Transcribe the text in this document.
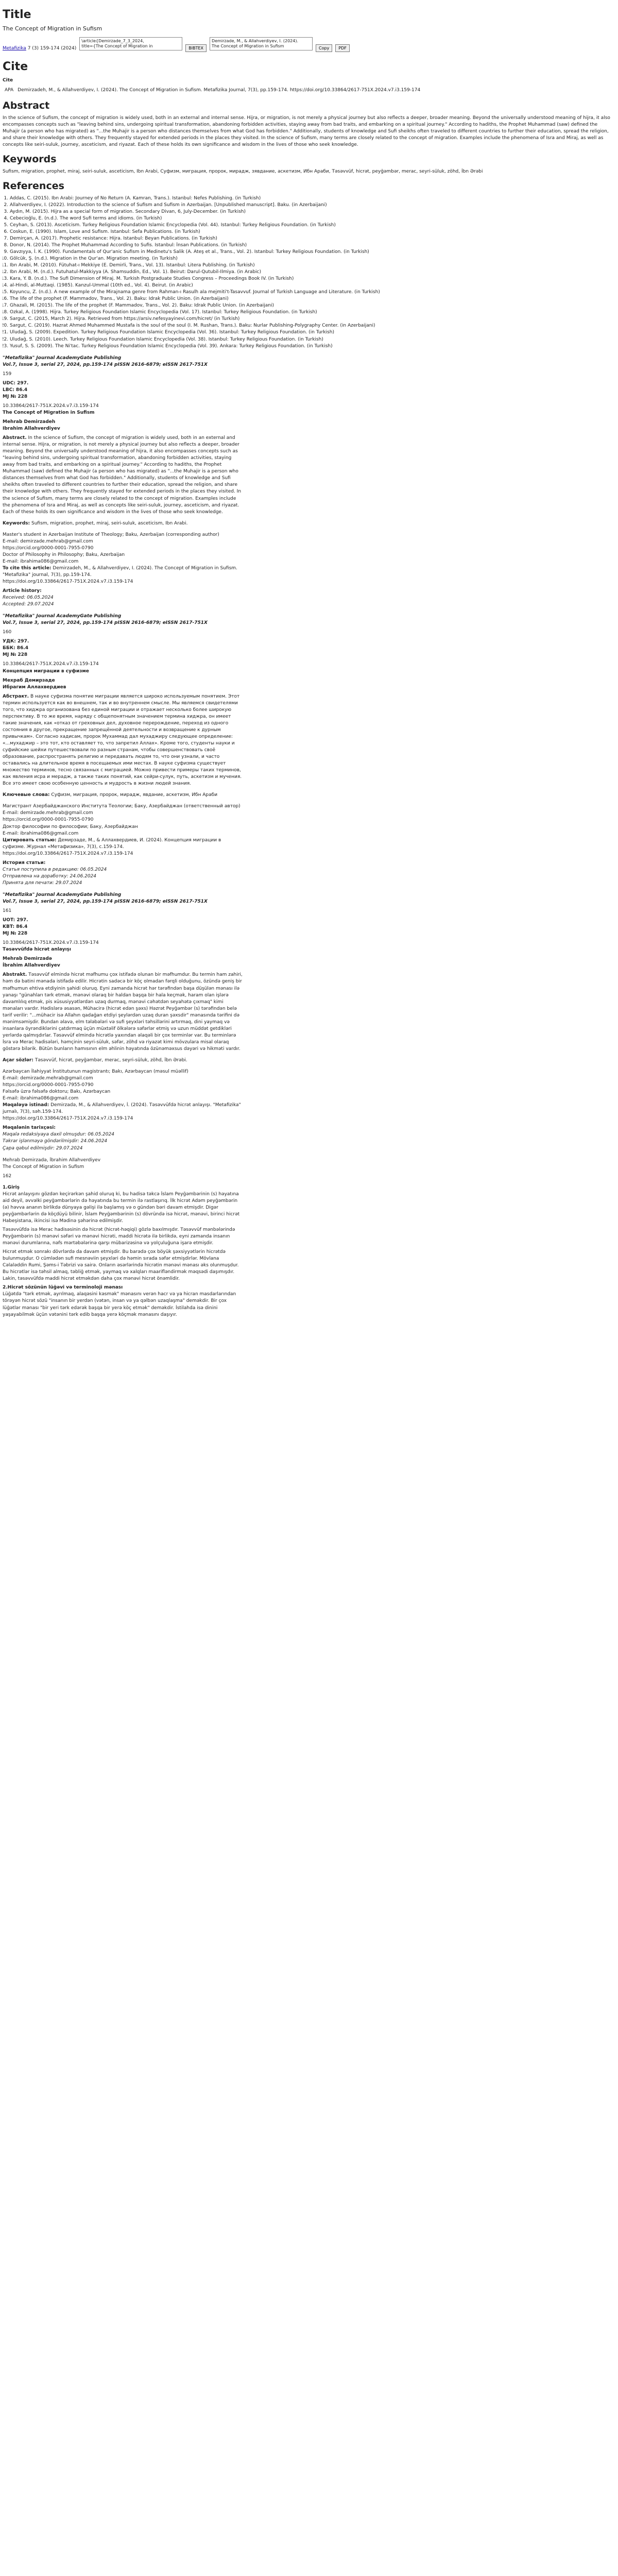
Title
The Concept of Migration in Sufism
Metafizika 7 (3) 159-174 (2024)
\article{Demirzade_7_3_2024,
title={The Concept of Migration in	BIBTEX
Demirzade, M., & Allahverdiyev, I. (2024).
The Concept of Migration in Sufism	Copy	PDF
Cite
Cite
APA	Demirzadeh, M., & Allahverdiyev, I. (2024). The Concept of Migration in Sufism. Metafizika Journal, 7(3), pp.159-174. https://doi.org/10.33864/2617-751X.2024.v7.i3.159-174
Abstract

In the science of Sufism, the concept of migration is widely used, both in an external and internal sense. Hijra, or migration, is not merely a physical journey but also reflects a deeper, broader meaning. Beyond the universally understood meaning of hijra, it also encompasses concepts such as "leaving behind sins, undergoing spiritual transformation, abandoning forbidden activities, staying away from bad traits, and embarking on a spiritual journey." According to hadiths, the Prophet Muhammad (saw) defined the Muhajir (a person who has migrated) as "...the Muhajir is a person who distances themselves from what God has forbidden." Additionally, students of knowledge and Sufi sheikhs often traveled to different countries to further their education, spread the religion, and share their knowledge with others. They frequently stayed for extended periods in the places they visited. In the science of Sufism, many terms are closely related to the concept of migration. Examples include the phenomena of Isra and Miraj, as well as concepts like seiri-suluk, journey, asceticism, and riyazat. Each of these holds its own significance and wisdom in the lives of those who seek knowledge.

Keywords

Sufism, migration, prophet, miraj, seiri-suluk, asceticism, Ibn Arabi, Суфизм, миграция, пророк, мирадж, зявдание, аскетизм, Ибн Араби, Təsəvvüf, hicrət, peyğəmbər, merac, seyri-süluk, zöhd, İbn Ərəbi

References
1. Addas, C. (2015). Ibn Arabi: Journey of No Return (A. Kamran, Trans.). Istanbul: Nefes Publishing. (in Turkish)
2. Allahverdiyev, I. (2022). Introduction to the science of Sufism and Sufism in Azerbaijan. [Unpublished manuscript]. Baku. (in Azerbaijani)
3. Aydın, M. (2015). Hijra as a special form of migration. Secondary Divan, 6, July-December. (in Turkish)
4. Cebecioğlu, E. (n.d.). The word Sufi terms and idioms. (in Turkish)
5. Ceyhan, S. (2013). Asceticism. Turkey Religious Foundation Islamic Encyclopedia (Vol. 44). Istanbul: Turkey Religious Foundation. (in Turkish)
6. Coskun, E. (1990). Islam, Love and Sufism. Istanbul: Sefa Publications. (in Turkish)
7. Demirçan, A. (2017). Prophetic resistance: Hijra. Istanbul: Beyan Publications. (in Turkish)
8. Donor, N. (2014). The Prophet Muhammad According to Sufis. Istanbul: İnsan Publications. (in Turkish)
9. Gavzıyya, İ. K. (1990). Fundamentals of Qur'anic Sufism in Medinetu's Salik (A. Ateş et al., Trans., Vol. 2). Istanbul: Turkey Religious Foundation. (in Turkish)
10. Gölcük, Ş. (n.d.). Migration in the Qur'an. Migration meeting. (in Turkish)
11. Ibn Arabi, M. (2010). Fütuhat-ı Mekkiye (E. Demirli, Trans., Vol. 13). Istanbul: Litera Publishing. (in Turkish)
12. Ibn Arabi, M. (n.d.). Futuhatul-Makkiyya (A. Shamsuddin, Ed., Vol. 1). Beirut: Darul-Qutubil-Ilmiya. (in Arabic)
13. Kara, Y. B. (n.d.). The Sufi Dimension of Miraj. M. Turkish Postgraduate Studies Congress – Proceedings Book IV. (in Turkish)
14. al-Hindi, al-Muttaqi. (1985). Kanzul-Ummal (10th ed., Vol. 4). Beirut. (in Arabic)
15. Koyuncu, Z. (n.d.). A new example of the Mirajnama genre from Rahman-ı Rasulh ala mejmiti't-Tasavvuf. Journal of Turkish Language and Literature. (in Turkish)
16. The life of the prophet (F. Mammadov, Trans., Vol. 2). Baku: Idrak Public Union. (in Azerbaijani)
17. Ghazali, M. (2015). The life of the prophet (F. Mammadov, Trans., Vol. 2). Baku: Idrak Public Union. (in Azerbaijani)
18. Ozkal, A. (1998). Hijra. Turkey Religious Foundation Islamic Encyclopedia (Vol. 17). Istanbul: Turkey Religious Foundation. (in Turkish)
19. Sargut, C. (2015, March 2). Hijra. Retrieved from https://arsiv.nefesyayinevi.com/hicret/ (in Turkish)
20. Sargut, C. (2019). Hazrat Ahmed Muhammed Mustafa is the soul of the soul (I. M. Rushan, Trans.). Baku: Nurlar Publishing-Polygraphy Center. (in Azerbaijani)
21. Uludağ, S. (2009). Expedition. Turkey Religious Foundation Islamic Encyclopedia (Vol. 36). Istanbul: Turkey Religious Foundation. (in Turkish)
22. Uludağ, S. (2010). Leech. Turkey Religious Foundation Islamic Encyclopedia (Vol. 38). Istanbul: Turkey Religious Foundation. (in Turkish)
23. Yusuf, S. S. (2009). The Ni'tac. Turkey Religious Foundation Islamic Encyclopedia (Vol. 39). Ankara: Turkey Religious Foundation. (in Turkish)
"Metafizika" Journal AcademyGate Publishing
Vol.7, Issue 3, serial 27, 2024, pp.159-174 pISSN 2616-6879; eISSN 2617-751X
159
UDC: 297.
LBC: 86.4
MJ № 228
10.33864/2617-751X.2024.v7.i3.159-174
The Concept of Migration in Sufism
Mehrab Demirzadeh
Ibrahim Allahverdiyev

Abstract. In the science of Sufism, the concept of migration is widely used, both in an external and internal sense. Hijra, or migration, is not merely a physical journey but also reflects a deeper, broader meaning. Beyond the universally understood meaning of hijra, it also encompasses concepts such as "leaving behind sins, undergoing spiritual transformation, abandoning forbidden activities, staying away from bad traits, and embarking on a spiritual journey." According to hadiths, the Prophet Muhammad (saw) defined the Muhajir (a person who has migrated) as "...the Muhajir is a person who distances themselves from what God has forbidden." Additionally, students of knowledge and Sufi sheikhs often traveled to different countries to further their education, spread the religion, and share their knowledge with others. They frequently stayed for extended periods in the places they visited. In the science of Sufism, many terms are closely related to the concept of migration. Examples include the phenomena of Isra and Miraj, as well as concepts like seiri-suluk, journey, asceticism, and riyazat. Each of these holds its own significance and wisdom in the lives of those who seek knowledge.

Keywords: Sufism, migration, prophet, miraj, seiri-suluk, asceticism, Ibn Arabi.

Master's student in Azerbaijan Institute of Theology; Baku, Azerbaijan (corresponding author)
E-mail: demirzade.mehrab@gmail.com
https://orcid.org/0000-0001-7955-0790
Doctor of Philosophy in Philosophy; Baku, Azerbaijan
E-mail: ibrahima086@gmail.com
To cite this article: Demirzadeh, M., & Allahverdiyev, I. (2024). The Concept of Migration in Sufism.
"Metafizika" journal, 7(3), pp.159-174.
https://doi.org/10.33864/2617-751X.2024.v7.i3.159-174
Article history:
Received: 06.05.2024
Accepted: 29.07.2024
"Metafizika" Journal AcademyGate Publishing
Vol.7, Issue 3, serial 27, 2024, pp.159-174 pISSN 2616-6879; eISSN 2617-751X
160
УДК: 297.
ББК: 86.4
MJ № 228
10.33864/2617-751X.2024.v7.i3.159-174
Концепция миграции в суфизме
Мехраб Демирзаде
Ибрагим Аллахвердиев

Абстракт. В науке суфизма понятие миграции является широко используемым понятием. Этот термин используется как во внешнем, так и во внутреннем смысле. Мы являемся свидетелями того, что хиджра организована без единой миграции и отражает несколько более широкую перспективу. В то же время, наряду с общепонятным значением термина хиджра, он имеет такие значения, как «отказ от греховных дел, духовное перерождение, переход из одного состояния в другое, прекращение запрещённой деятельности и возвращение к дурным привычкам». Согласно хадисам, пророк Мухаммад дал мухаджиру следующее определение: «...мухаджир – это тот, кто оставляет то, что запретил Аллах». Кроме того, студенты науки и суфийские шейхи путешествовали по разным странам, чтобы совершенствовать своё образование, распространять религию и передавать людям то, что они узнали, и часто оставались на длительное время в посещаемых ими местах. В науке суфизма существует множество терминов, тесно связанных с миграцией. Можно привести примеры таких терминов, как явления исра и мерадж, а также таких понятий, как сейри-сулук, путь, аскетизм и мучения. Все это имеет свою особенную ценность и мудрость в жизни людей знания.

Ключевые слова: Суфизм, миграция, пророк, мирадж, явдание, аскетизм, Ибн Араби

Магистрант Азербайджанского Института Теологии; Баку, Азербайджан (ответственный автор)
E-mail: demirzade.mehrab@gmail.com
https://orcid.org/0000-0001-7955-0790
Доктор философии по философии; Баку, Азербайджан
E-mail: ibrahima086@gmail.com
Цитировать статью: Демирзаде, М., & Аллахвердиев, И. (2024). Концепция миграции в суфизме. Журнал «Метафизика», 7(3), с.159-174.
https://doi.org/10.33864/2617-751X.2024.v7.i3.159-174
История статьи:
Статья поступила в редакцию: 06.05.2024
Отправлена на доработку: 24.06.2024
Принята для печати: 29.07.2024
"Metafizika" Journal AcademyGate Publishing
Vol.7, Issue 3, serial 27, 2024, pp.159-174 pISSN 2616-6879; eISSN 2617-751X
161
UOT: 297.
KBT: 86.4
MJ № 228
10.33864/2617-751X.2024.v7.i3.159-174
Təsəvvüfdə hicrət anlayışı
Mehrab Demirzadə
İbrahim Allahverdiyev

Abstrakt. Təsəvvüf elmində hicrət məfhumu çox istifadə olunan bir məfhumdur. Bu termin ham zahiri, həm də batini mənada istifadə edilir. Hicrətin sadəcə bir köç olmadan fərqli olduğunu, özündə geniş bir məfhumun ehtiva etdiyinin şahidi oluruq. Eyni zamanda hicrət hər tərəfindən başa düşülən mənası ilə yanaşı "günahları tərk etmək, mənəvi olaraq bir haldan başqa bir hala keçmək, haram olan işlərə davamlılıq etmək, pis xüsusiyyətlərdən uzaq durmaq, mənəvi cəhətdən seyahətə çıxmaq" kimi mənaları vardır. Hədislərə əsasən, Mühacirə (hicrət edən şəxs) Həzrət Peyğəmbər (s) tərəfindən belə tərif verilir: "...mühacir isə Allahın qadağan etdiyi şeylərdən uzaq duran şəxsdir" mənasında tərifini də mənimsəmişdir. Bundan əlavə, elm tələbələri və sufi şeyxləri təhsillərini artırmaq, dini yaymaq və insanlara öyrəndiklərini çatdırmaq üçün müxtəlif ölkələrə səfərlər etmiş və uzun müddət getdikləri yerlərdə qalmışdırlar. Təsəvvüf elmində hicrətlə yaxından əlaqəli bir çox terminlər var. Bu terminlərə İsra və Merac hadisələri, həmçinin seyri-süluk, səfər, zöhd və riyazət kimi mövzulara misal olaraq göstərə bilərik. Bütün bunların hamısının elm əhlinin həyatında özünəməxsus dəyəri və hikməti vardır.

Açar sözlər: Təsəvvüf, hicrət, peyğəmbər, merac, seyri-süluk, zöhd, İbn Ərəbi.

Azərbaycan İlahiyyat İnstitutunun magistrantı; Bakı, Azərbaycan (məsul müəllif)
E-mail: demirzade.mehrab@gmail.com
https://orcid.org/0000-0001-7955-0790
Fəlsəfə üzrə fəlsəfə doktoru; Bakı, Azərbaycan
E-mail: ibrahima086@gmail.com
Məqaləyə istinad: Demirzadə, M., & Allahverdiyev, İ. (2024). Təsəvvüfdə hicrət anlayışı. "Metafizika" jurnalı, 7(3), səh.159-174.
https://doi.org/10.33864/2617-751X.2024.v7.i3.159-174
Məqalənin tarixçəsi:
Məqalə redaksiyaya daxil olmuşdur: 06.05.2024
Təkrar işlənməyə göndərilmişdir: 24.06.2024
Çapa qəbul edilmişdir: 29.07.2024
Mehrab Demirzadə, İbrahim Allahverdiyev
The Concept of Migration in Sufism
162
1.Giriş

Hicrət anlayışını gözdən keçirərkən şahid oluruq ki, bu hadisə təkcə İslam Peyğəmbərinin (s) həyatına aid deyil, əvvəlki peyğəmbərlərin də həyatında bu termin ilə rastlaşırıq. İlk hicrət Adəm peyğəmbərin (ə) həvva ananın birlikdə dünyaya gəlişi ilə başlamış və o gündən bəri davam etmişdir. Digər peyğəmbərlərin də köçdüyü bilinir, İslam Peyğəmbərinin (s) dövründə isə hicrət, mənəvi, birinci hicrət Habeşistana, ikincisi isə Mədinə şəhərinə edilmişdir.

Təsəvvüfdə isə Merac hadisəsinin də hicrət (hicrət-həqiqi) gözlə baxılmışdır. Təsəvvüf mənbələrində Peyğəmbərin (s) mənəvi səfəri və mənəvi hicrəti, maddi hicrətə ilə birlikdə, eyni zamanda insanın mənəvi durumlarına, nəfs mərtəbələrinə qarşı mübarizəsinə və yolçuluğuna işarə etmişdir.

Hicrət etmək sonrakı dövrlərdə da davam etmişdir. Bu barədə çox böyük şəxsiyyətlərin hicrətdə bulunmuşdur. O cümlədən sufi mesnəviin şeyxləri də həmin sırada səfər etmişdirlər. Mövlana Cəlaləddin Rumi, Şəms-i Təbrizi və sairə. Onların əsərlərində hicrətin mənəvi mənası əks olunmuşdur. Bu hicrətlər isə təhsil almaq, təbliğ etmək, yaymaq və xalqları maarifləndirmək məqsədi daşımışdır. Lakin, təsəvvüfdə maddi hicrət etməkdən daha çox mənəvi hicrət önəmlidir.

2.Hicrət sözünün lüğəvi və terminoloji mənası

Lüğətdə "tərk etmək, ayrılmaq, alaqəsini kəsmək" mənasını verən hacr və ya hicran masdarlarından törəyən hicrət sözü "insanın bir yerdən (vətən, insan və ya qəlbən uzaqlaşma" deməkdir. Bir çox lüğətlər mənası "bir yeri tərk edərək başqa bir yerə köç etmək" deməkdir. İstilahda isə dinini yaşayabilmək üçün vətənini tərk edib başqa yerə köçmək mənasını daşıyır.
